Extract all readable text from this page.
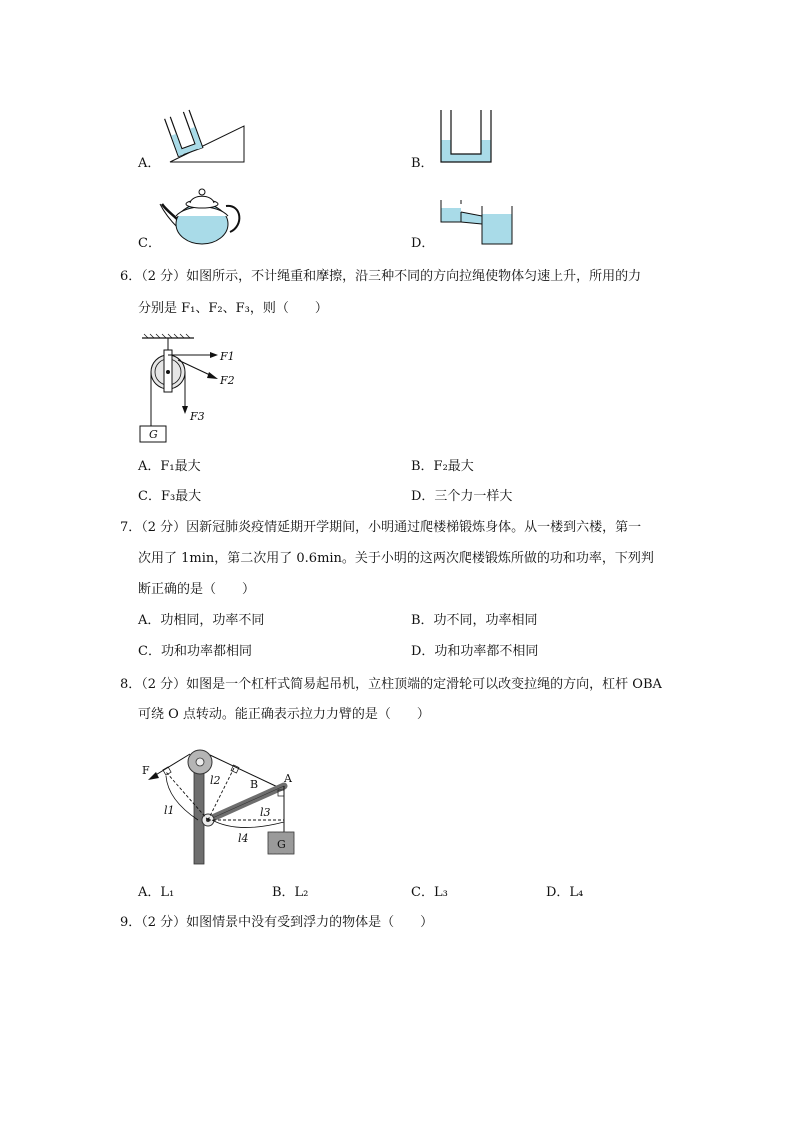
A．	B．
C．	D．
6．（2 分）如图所示，不计绳重和摩擦，沿三种不同的方向拉绳使物体匀速上升，所用的力
分别是 F₁、F₂、F₃，则（　　）
G
F1
F2
F3
A．F₁最大	B．F₂最大
C．F₃最大	D．三个力一样大
7．（2 分）因新冠肺炎疫情延期开学期间，小明通过爬楼梯锻炼身体。从一楼到六楼，第一
次用了 1min，第二次用了 0.6min。关于小明的这两次爬楼锻炼所做的功和功率，下列判
断正确的是（　　）
A．功相同，功率不同	B．功不同，功率相同
C．功和功率都相同	D．功和功率都不相同
8．（2 分）如图是一个杠杆式简易起吊机，立柱顶端的定滑轮可以改变拉绳的方向，杠杆 OBA
可绕 O 点转动。能正确表示拉力力臂的是（　　）
F
A
B
l1
l2
l3
l4	G
A．L₁	B．L₂	C．L₃	D．L₄
9．（2 分）如图情景中没有受到浮力的物体是（　　）
